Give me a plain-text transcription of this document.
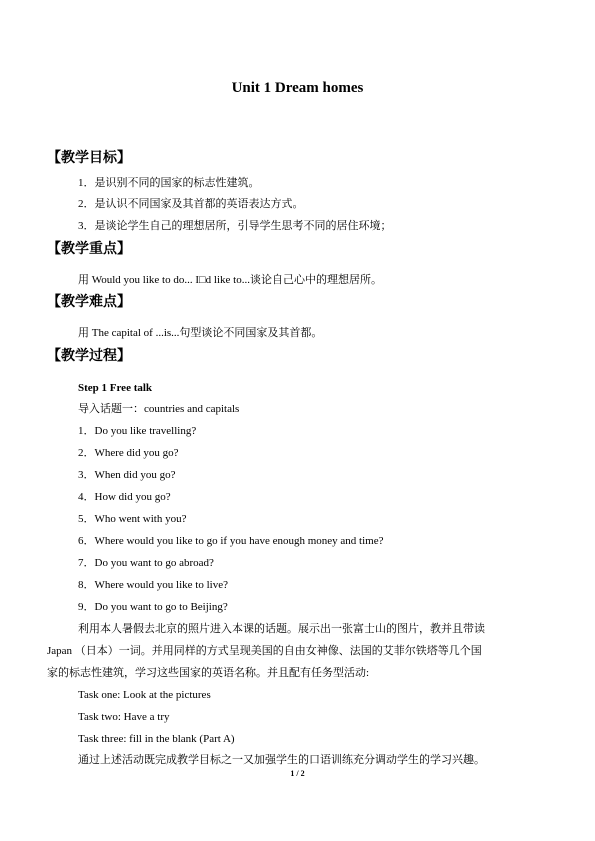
Unit 1 Dream homes
【教学目标】
1．是识别不同的国家的标志性建筑。
2．是认识不同国家及其首都的英语表达方式。
3．是谈论学生自己的理想居所，引导学生思考不同的居住环境；
【教学重点】
用 Would you like to do... I□d like to...谈论自己心中的理想居所。
【教学难点】
用 The capital of ...is...句型谈论不同国家及其首都。
【教学过程】
Step 1 Free talk
导入话题一：countries and capitals
1．Do you like travelling?
2．Where did you go?
3．When did you go?
4．How did you go?
5．Who went with you?
6．Where would you like to go if you have enough money and time?
7．Do you want to go abroad?
8．Where would you like to live?
9．Do you want to go to Beijing?
利用本人暑假去北京的照片进入本课的话题。展示出一张富士山的图片，教并且带读
Japan （日本）一词。并用同样的方式呈现美国的自由女神像、法国的艾菲尔铁塔等几个国
家的标志性建筑，学习这些国家的英语名称。并且配有任务型活动:
Task one: Look at the pictures
Task two: Have a try
Task three: fill in the blank (Part A)
通过上述活动既完成教学目标之一又加强学生的口语训练充分调动学生的学习兴趣。
1 / 2
